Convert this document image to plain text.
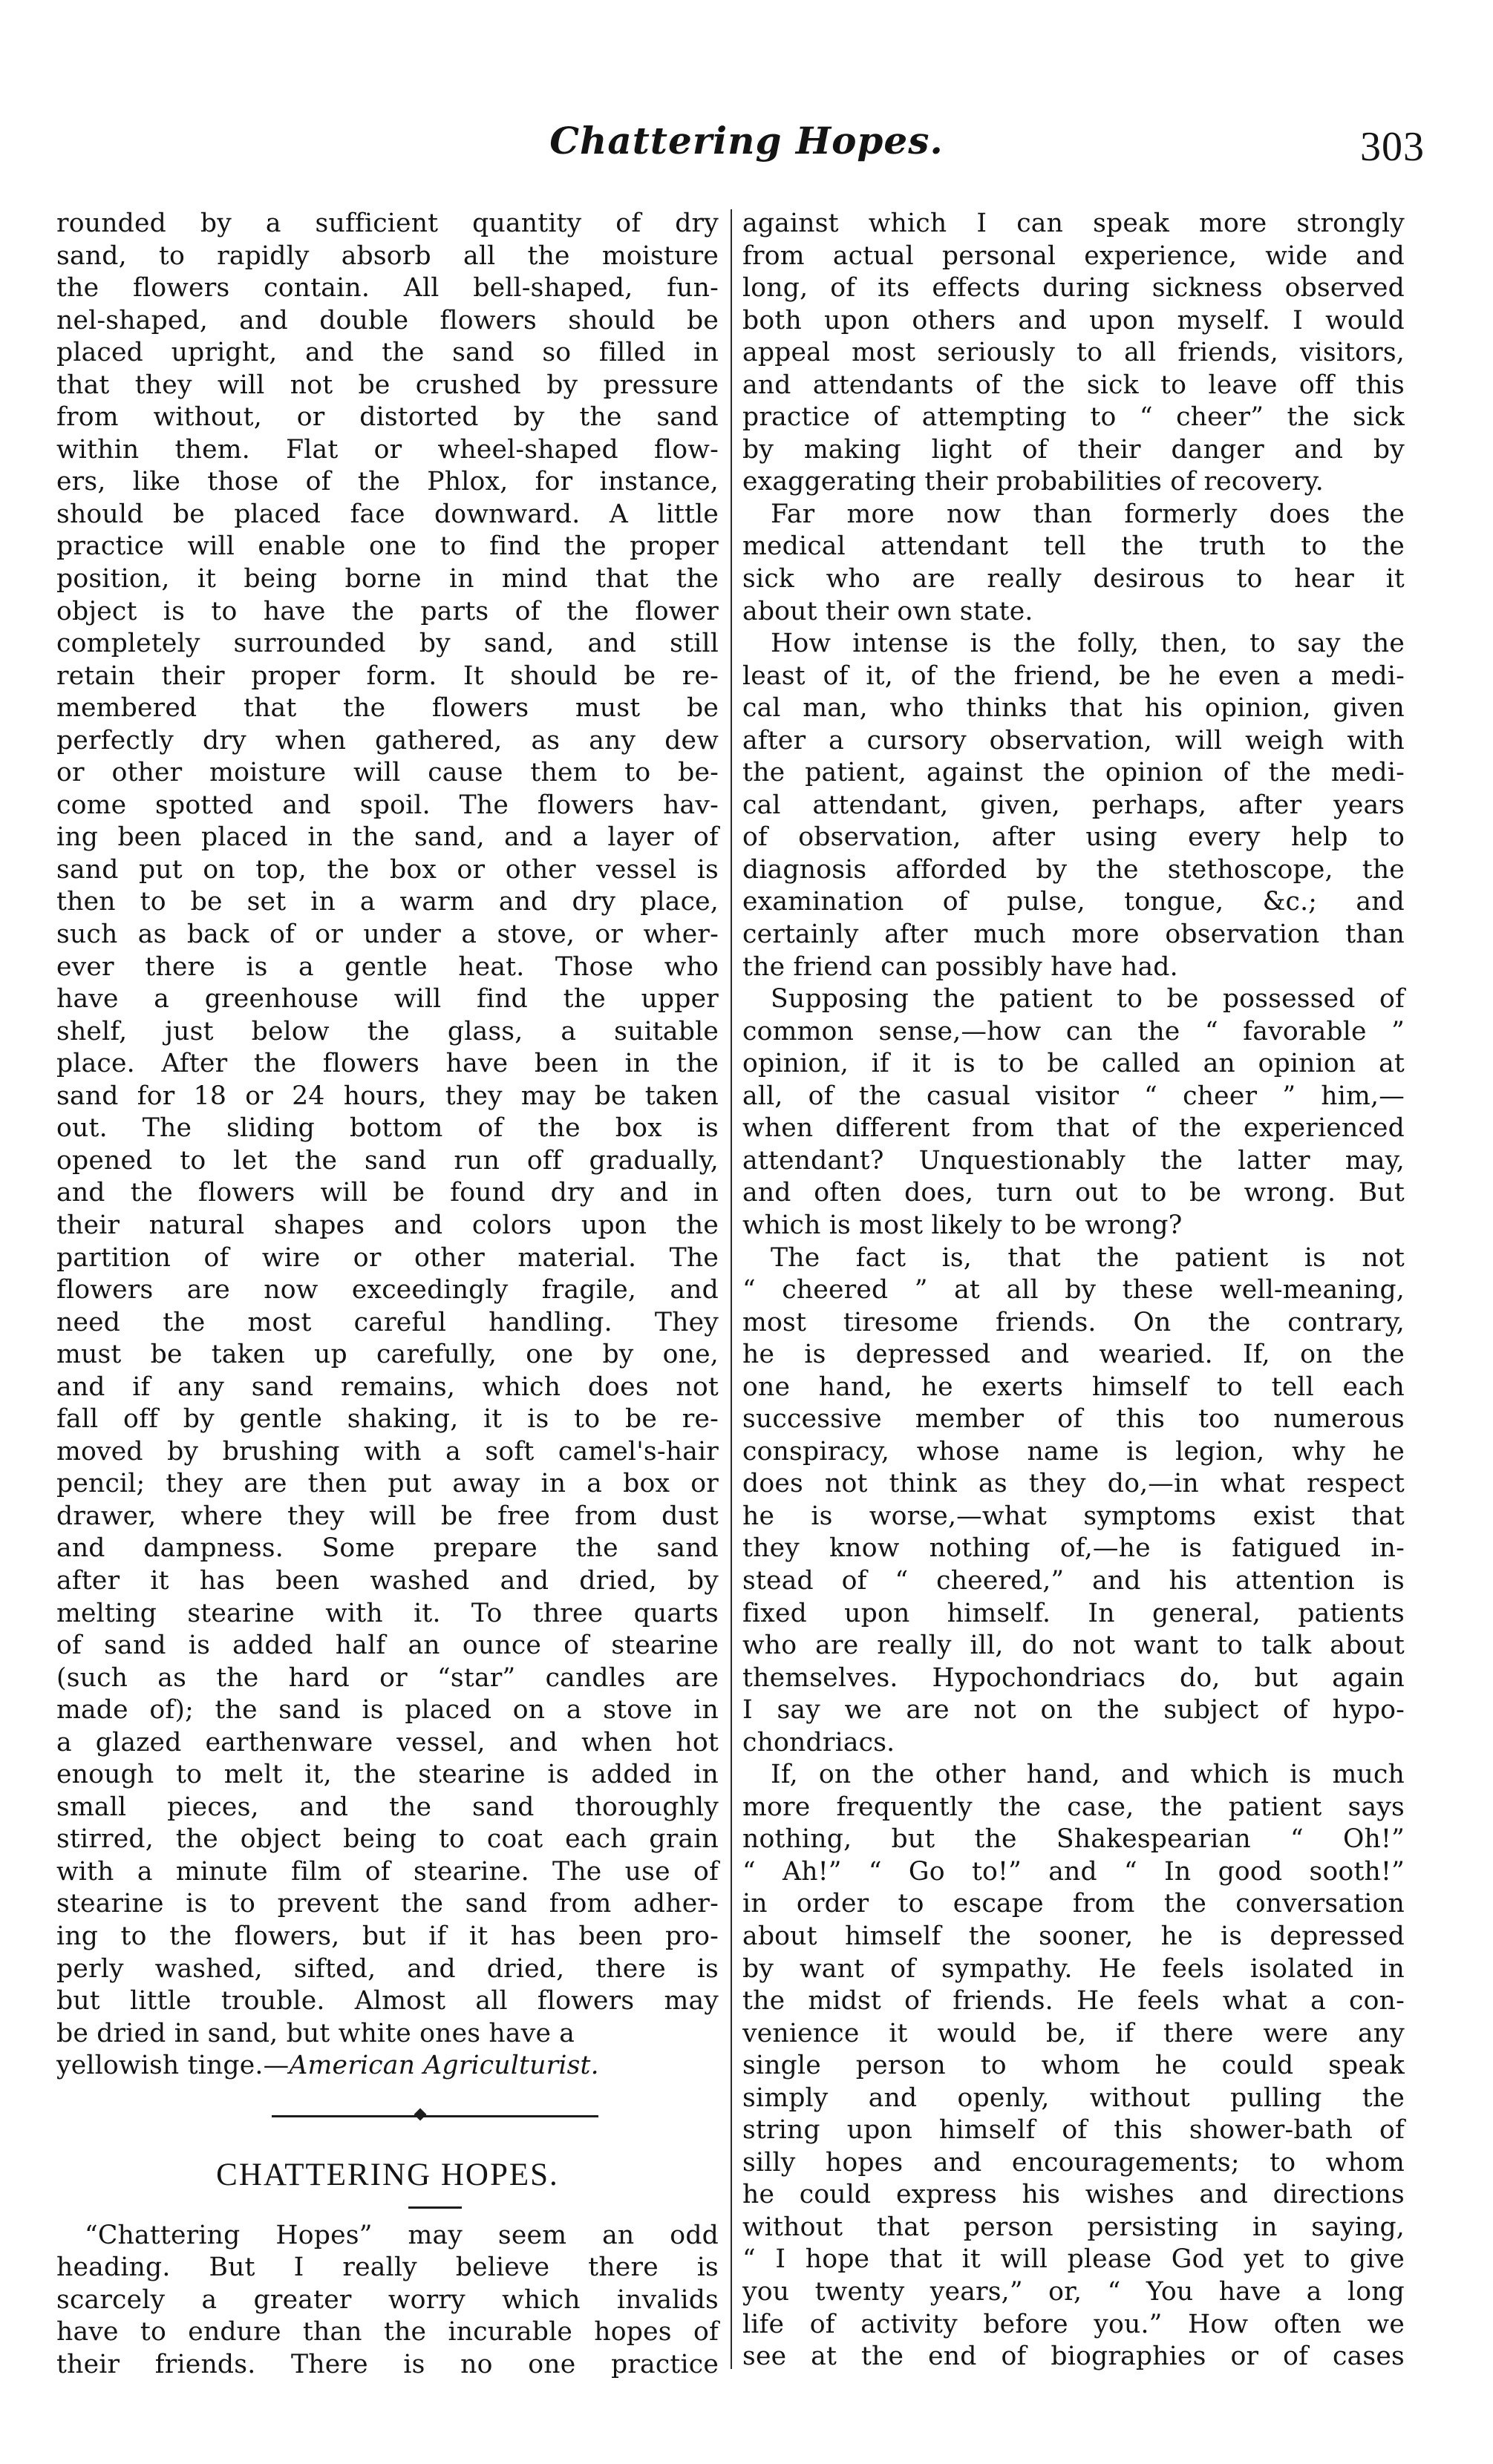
Chattering Hopes.	303
rounded by a sufficient quantity of dry
sand, to rapidly absorb all the moisture
the flowers contain. All bell-shaped, fun-
nel-shaped, and double flowers should be
placed upright, and the sand so filled in
that they will not be crushed by pressure
from without, or distorted by the sand
within them. Flat or wheel-shaped flow-
ers, like those of the Phlox, for instance,
should be placed face downward. A little
practice will enable one to find the proper
position, it being borne in mind that the
object is to have the parts of the flower
completely surrounded by sand, and still
retain their proper form. It should be re-
membered that the flowers must be
perfectly dry when gathered, as any dew
or other moisture will cause them to be-
come spotted and spoil. The flowers hav-
ing been placed in the sand, and a layer of
sand put on top, the box or other vessel is
then to be set in a warm and dry place,
such as back of or under a stove, or wher-
ever there is a gentle heat. Those who
have a greenhouse will find the upper
shelf, just below the glass, a suitable
place. After the flowers have been in the
sand for 18 or 24 hours, they may be taken
out. The sliding bottom of the box is
opened to let the sand run off gradually,
and the flowers will be found dry and in
their natural shapes and colors upon the
partition of wire or other material. The
flowers are now exceedingly fragile, and
need the most careful handling. They
must be taken up carefully, one by one,
and if any sand remains, which does not
fall off by gentle shaking, it is to be re-
moved by brushing with a soft camel's-hair
pencil; they are then put away in a box or
drawer, where they will be free from dust
and dampness. Some prepare the sand
after it has been washed and dried, by
melting stearine with it. To three quarts
of sand is added half an ounce of stearine
(such as the hard or “star” candles are
made of); the sand is placed on a stove in
a glazed earthenware vessel, and when hot
enough to melt it, the stearine is added in
small pieces, and the sand thoroughly
stirred, the object being to coat each grain
with a minute film of stearine. The use of
stearine is to prevent the sand from adher-
ing to the flowers, but if it has been pro-
perly washed, sifted, and dried, there is
but little trouble. Almost all flowers may
be dried in sand, but white ones have a
yellowish tinge.—American Agriculturist.
CHATTERING HOPES.
“Chattering Hopes” may seem an odd
heading. But I really believe there is
scarcely a greater worry which invalids
have to endure than the incurable hopes of
their friends. There is no one practice
against which I can speak more strongly
from actual personal experience, wide and
long, of its effects during sickness observed
both upon others and upon myself. I would
appeal most seriously to all friends, visitors,
and attendants of the sick to leave off this
practice of attempting to “ cheer” the sick
by making light of their danger and by
exaggerating their probabilities of recovery.
Far more now than formerly does the
medical attendant tell the truth to the
sick who are really desirous to hear it
about their own state.
How intense is the folly, then, to say the
least of it, of the friend, be he even a medi-
cal man, who thinks that his opinion, given
after a cursory observation, will weigh with
the patient, against the opinion of the medi-
cal attendant, given, perhaps, after years
of observation, after using every help to
diagnosis afforded by the stethoscope, the
examination of pulse, tongue, &c.; and
certainly after much more observation than
the friend can possibly have had.
Supposing the patient to be possessed of
common sense,—how can the “ favorable ”
opinion, if it is to be called an opinion at
all, of the casual visitor “ cheer ” him,—
when different from that of the experienced
attendant? Unquestionably the latter may,
and often does, turn out to be wrong. But
which is most likely to be wrong?
The fact is, that the patient is not
“ cheered ” at all by these well-meaning,
most tiresome friends. On the contrary,
he is depressed and wearied. If, on the
one hand, he exerts himself to tell each
successive member of this too numerous
conspiracy, whose name is legion, why he
does not think as they do,—in what respect
he is worse,—what symptoms exist that
they know nothing of,—he is fatigued in-
stead of “ cheered,” and his attention is
fixed upon himself. In general, patients
who are really ill, do not want to talk about
themselves. Hypochondriacs do, but again
I say we are not on the subject of hypo-
chondriacs.
If, on the other hand, and which is much
more frequently the case, the patient says
nothing, but the Shakespearian “ Oh!”
“ Ah!” “ Go to!” and “ In good sooth!”
in order to escape from the conversation
about himself the sooner, he is depressed
by want of sympathy. He feels isolated in
the midst of friends. He feels what a con-
venience it would be, if there were any
single person to whom he could speak
simply and openly, without pulling the
string upon himself of this shower-bath of
silly hopes and encouragements; to whom
he could express his wishes and directions
without that person persisting in saying,
“ I hope that it will please God yet to give
you twenty years,” or, “ You have a long
life of activity before you.” How often we
see at the end of biographies or of cases
